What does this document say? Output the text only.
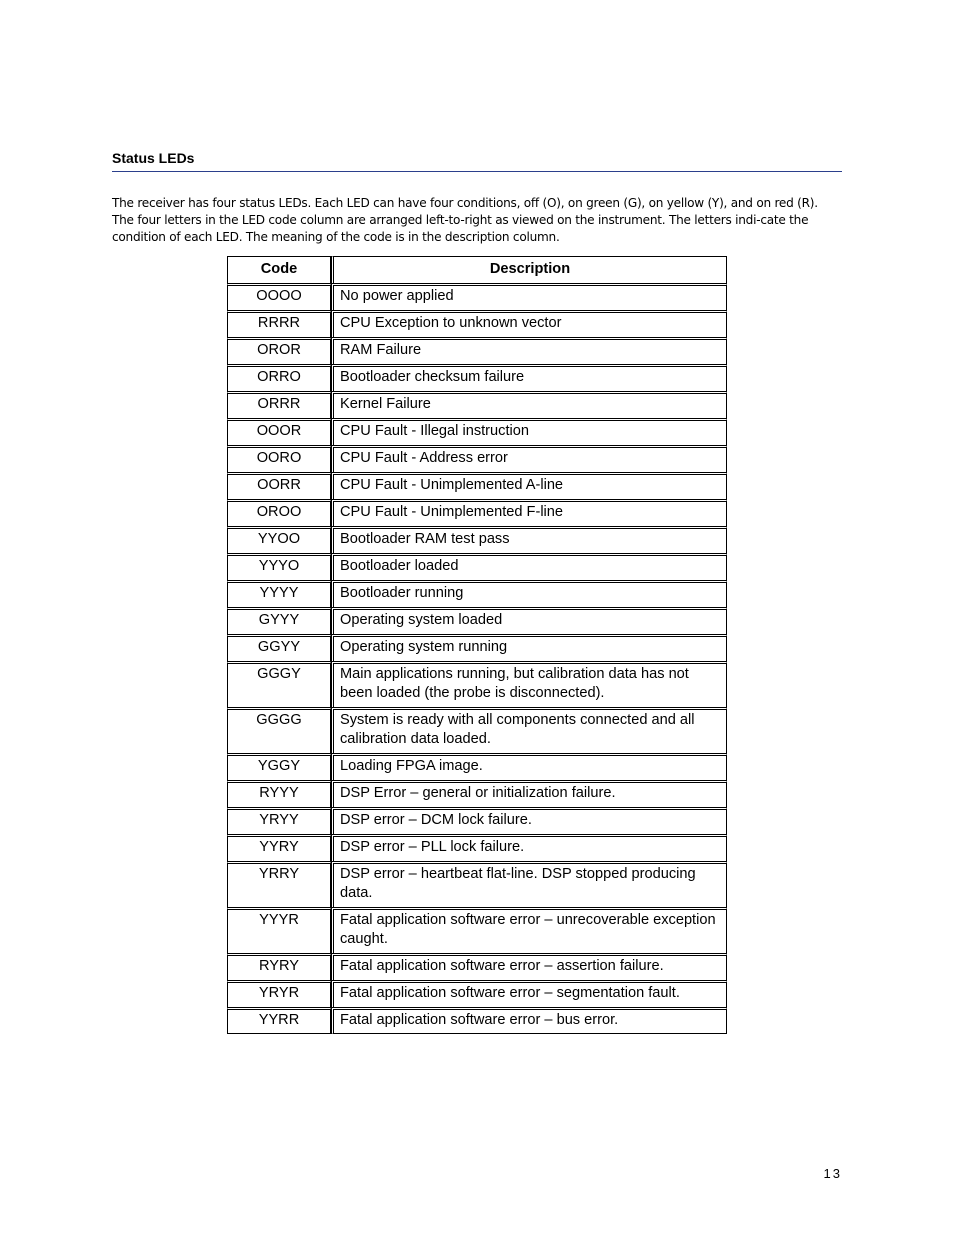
Status LEDs

The receiver has four status LEDs. Each LED can have four conditions, off (O), on green (G), on yellow (Y), and on red (R). The four letters in the LED code column are arranged left-to-right as viewed on the instrument. The letters indi-cate the condition of each LED. The meaning of the code is in the description column.

Code	Description
OOOO	No power applied
RRRR	CPU Exception to unknown vector
OROR	RAM Failure
ORRO	Bootloader checksum failure
ORRR	Kernel Failure
OOOR	CPU Fault - Illegal instruction
OORO	CPU Fault - Address error
OORR	CPU Fault - Unimplemented A-line
OROO	CPU Fault - Unimplemented F-line
YYOO	Bootloader RAM test pass
YYYO	Bootloader loaded
YYYY	Bootloader running
GYYY	Operating system loaded
GGYY	Operating system running
GGGY	Main applications running, but calibration data has not been loaded (the probe is disconnected).
GGGG	System is ready with all components connected and all calibration data loaded.
YGGY	Loading FPGA image.
RYYY	DSP Error – general or initialization failure.
YRYY	DSP error – DCM lock failure.
YYRY	DSP error – PLL lock failure.
YRRY	DSP error – heartbeat flat-line. DSP stopped producing data.
YYYR	Fatal application software error – unrecoverable exception caught.
RYRY	Fatal application software error – assertion failure.
YRYR	Fatal application software error – segmentation fault.
YYRR	Fatal application software error – bus error.
13
